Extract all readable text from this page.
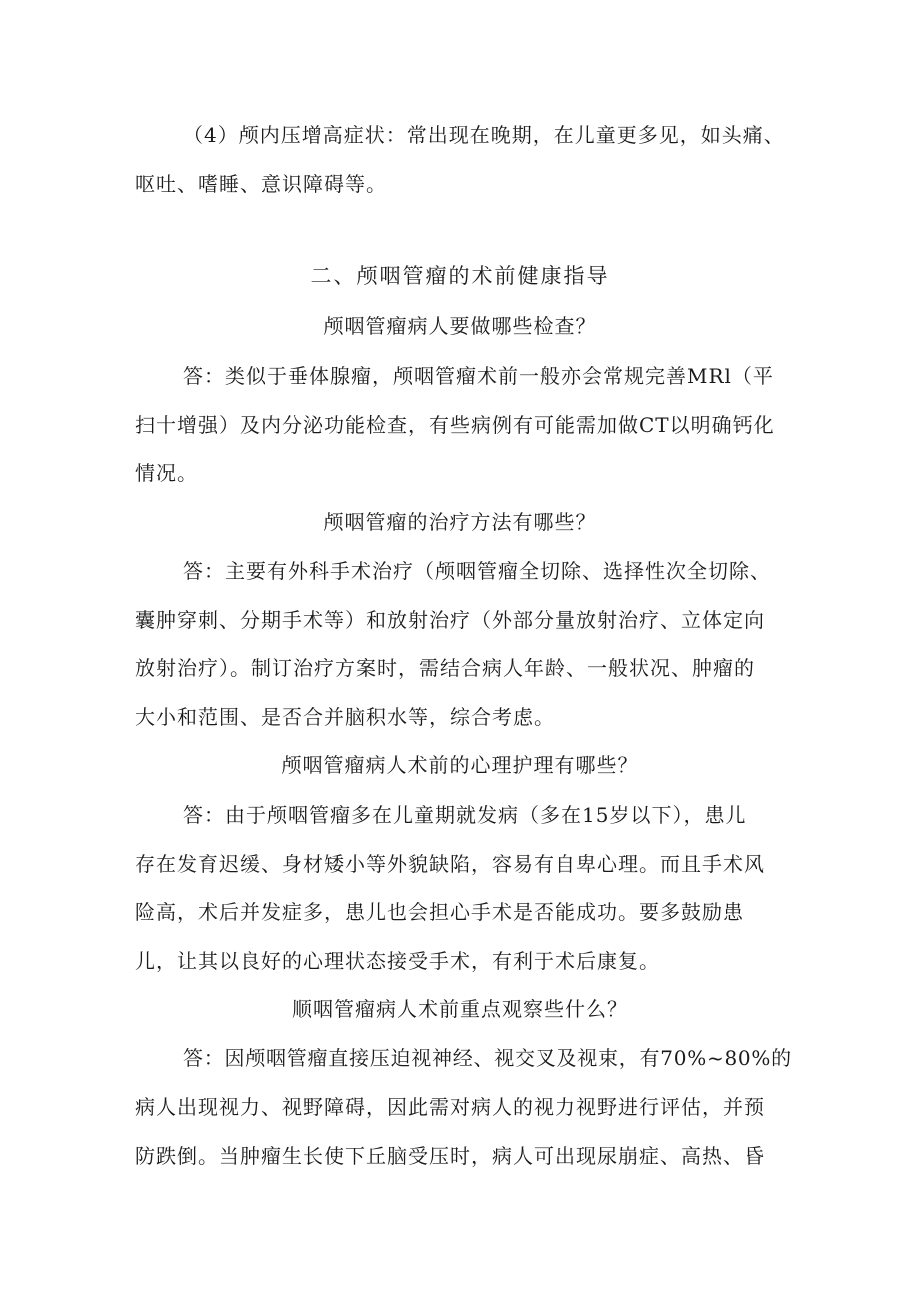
（4）颅内压增高症状：常出现在晚期，在儿童更多见，如头痛、
呕吐、嗜睡、意识障碍等。
二、颅咽管瘤的术前健康指导
颅咽管瘤病人要做哪些检查？
答：类似于垂体腺瘤，颅咽管瘤术前一般亦会常规完善MRl（平
扫十增强）及内分泌功能检查，有些病例有可能需加做CT以明确钙化
情况。
颅咽管瘤的治疗方法有哪些？
答：主要有外科手术治疗（颅咽管瘤全切除、选择性次全切除、
囊肿穿刺、分期手术等）和放射治疗（外部分量放射治疗、立体定向
放射治疗）。制订治疗方案时，需结合病人年龄、一般状况、肿瘤的
大小和范围、是否合并脑积水等，综合考虑。
颅咽管瘤病人术前的心理护理有哪些？
答：由于颅咽管瘤多在儿童期就发病（多在15岁以下），患儿
存在发育迟缓、身材矮小等外貌缺陷，容易有自卑心理。而且手术风
险高，术后并发症多，患儿也会担心手术是否能成功。要多鼓励患
儿，让其以良好的心理状态接受手术，有利于术后康复。
顺咽管瘤病人术前重点观察些什么？
答：因颅咽管瘤直接压迫视神经、视交叉及视束，有70%~80%的
病人出现视力、视野障碍，因此需对病人的视力视野进行评估，并预
防跌倒。当肿瘤生长使下丘脑受压时，病人可出现尿崩症、高热、昏
